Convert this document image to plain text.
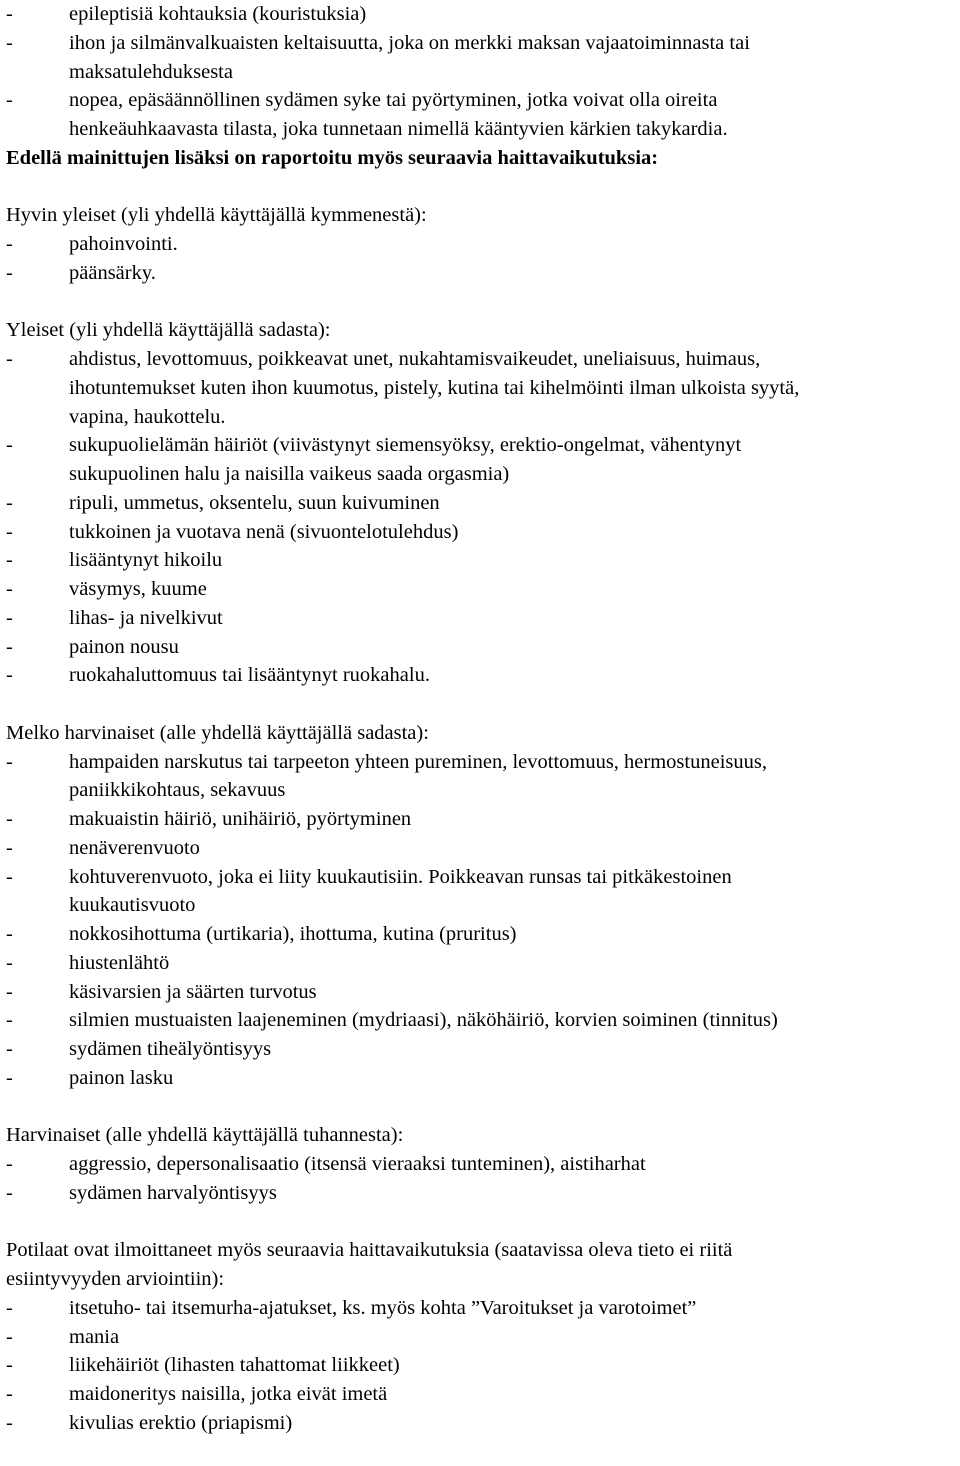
-	epileptisiä kohtauksia (kouristuksia)
-	ihon ja silmänvalkuaisten keltaisuutta, joka on merkki maksan vajaatoiminnasta tai
maksatulehduksesta
-	nopea, epäsäännöllinen sydämen syke tai pyörtyminen, jotka voivat olla oireita
henkeäuhkaavasta tilasta, joka tunnetaan nimellä kääntyvien kärkien takykardia.
Edellä mainittujen lisäksi on raportoitu myös seuraavia haittavaikutuksia:
Hyvin yleiset (yli yhdellä käyttäjällä kymmenestä):
-	pahoinvointi.
-	päänsärky.
Yleiset (yli yhdellä käyttäjällä sadasta):
-	ahdistus, levottomuus, poikkeavat unet, nukahtamisvaikeudet, uneliaisuus, huimaus,
ihotuntemukset kuten ihon kuumotus, pistely, kutina tai kihelmöinti ilman ulkoista syytä,
vapina, haukottelu.
-	sukupuolielämän häiriöt (viivästynyt siemensyöksy, erektio-ongelmat, vähentynyt
sukupuolinen halu ja naisilla vaikeus saada orgasmia)
-	ripuli, ummetus, oksentelu, suun kuivuminen
-	tukkoinen ja vuotava nenä (sivuontelotulehdus)
-	lisääntynyt hikoilu
-	väsymys, kuume
-	lihas- ja nivelkivut
-	painon nousu
-	ruokahaluttomuus tai lisääntynyt ruokahalu.
Melko harvinaiset (alle yhdellä käyttäjällä sadasta):
-	hampaiden narskutus tai tarpeeton yhteen pureminen, levottomuus, hermostuneisuus,
paniikkikohtaus, sekavuus
-	makuaistin häiriö, unihäiriö, pyörtyminen
-	nenäverenvuoto
-	kohtuverenvuoto, joka ei liity kuukautisiin. Poikkeavan runsas tai pitkäkestoinen
kuukautisvuoto
-	nokkosihottuma (urtikaria), ihottuma, kutina (pruritus)
-	hiustenlähtö
-	käsivarsien ja säärten turvotus
-	silmien mustuaisten laajeneminen (mydriaasi), näköhäiriö, korvien soiminen (tinnitus)
-	sydämen tiheälyöntisyys
-	painon lasku
Harvinaiset (alle yhdellä käyttäjällä tuhannesta):
-	aggressio, depersonalisaatio (itsensä vieraaksi tunteminen), aistiharhat
-	sydämen harvalyöntisyys
Potilaat ovat ilmoittaneet myös seuraavia haittavaikutuksia (saatavissa oleva tieto ei riitä
esiintyvyyden arviointiin):
-	itsetuho- tai itsemurha-ajatukset, ks. myös kohta ”Varoitukset ja varotoimet”
-	mania
-	liikehäiriöt (lihasten tahattomat liikkeet)
-	maidoneritys naisilla, jotka eivät imetä
-	kivulias erektio (priapismi)
